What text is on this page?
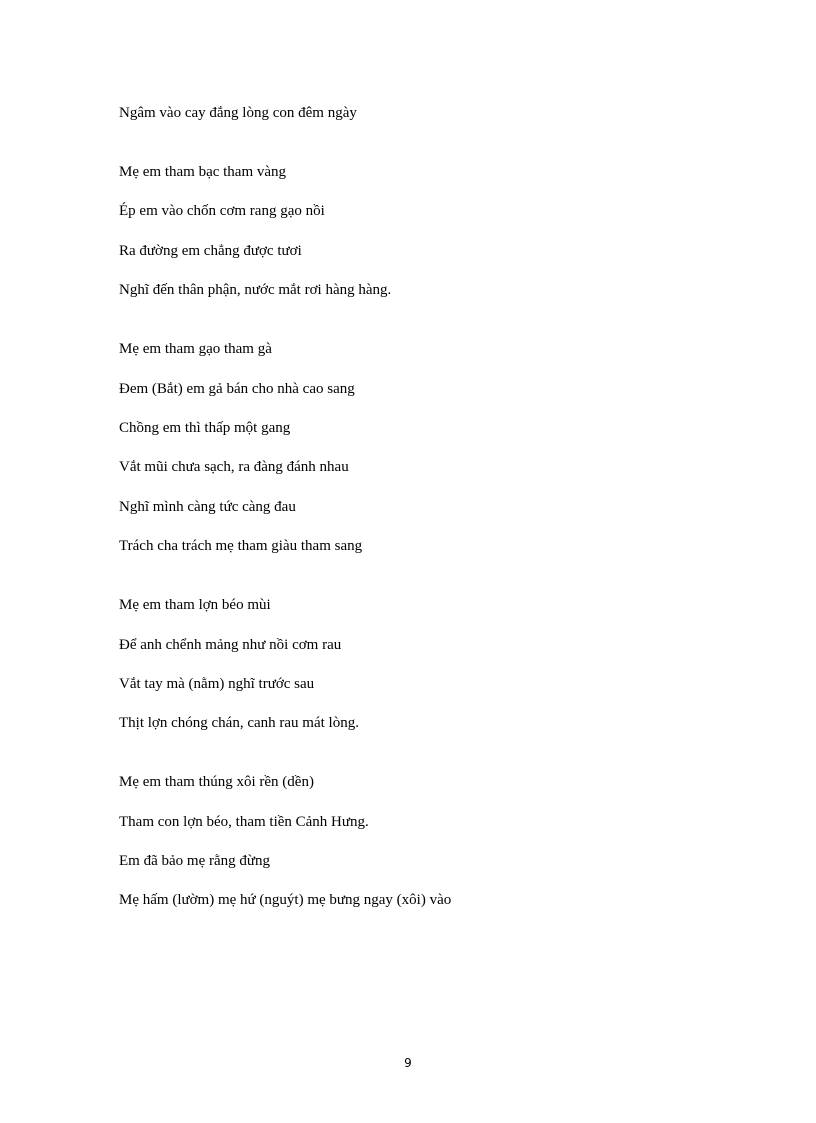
Ngâm vào cay đắng lòng con đêm ngày
Mẹ em tham bạc tham vàng
Ép em vào chốn cơm rang gạo nồi
Ra đường em chẳng được tươi
Nghĩ đến thân phận, nước mắt rơi hàng hàng.
Mẹ em tham gạo tham gà
Đem (Bắt) em gả bán cho nhà cao sang
Chồng em thì thấp một gang
Vắt mũi chưa sạch, ra đàng đánh nhau
Nghĩ mình càng tức càng đau
Trách cha trách mẹ tham giàu tham sang
Mẹ em tham lợn béo mùi
Để anh chểnh mảng như nồi cơm rau
Vắt tay mà (nằm) nghĩ trước sau
Thịt lợn chóng chán, canh rau mát lòng.
Mẹ em tham thúng xôi rền (dền)
Tham con lợn béo, tham tiền Cảnh Hưng.
Em đã bảo mẹ rằng đừng
Mẹ hấm (lườm) mẹ hứ (nguýt) mẹ bưng ngay (xôi) vào
9
